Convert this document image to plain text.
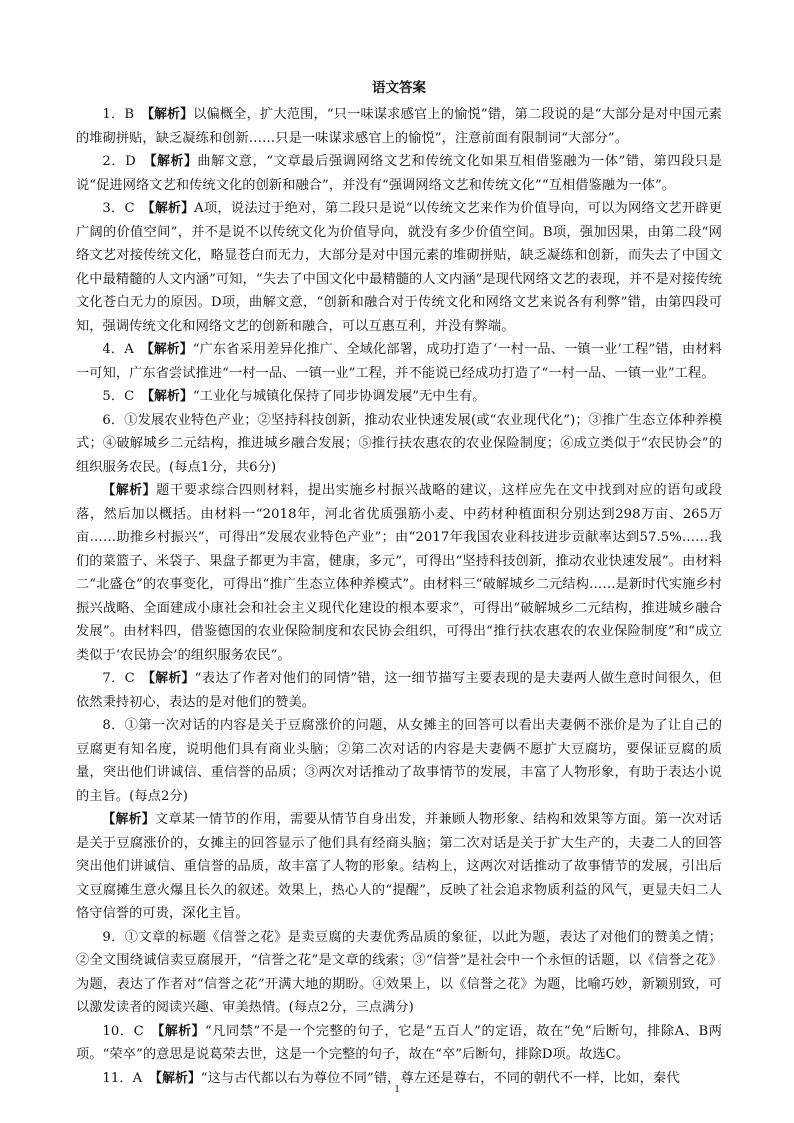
语文答案

1．B　【解析】以偏概全，扩大范围，“只一味谋求感官上的愉悦”错，第二段说的是“大部分是对中国元素的堆砌拼贴，缺乏凝练和创新……只是一味谋求感官上的愉悦”，注意前面有限制词“大部分”。

2．D　【解析】曲解文意，“文章最后强调网络文艺和传统文化如果互相借鉴融为一体”错，第四段只是说“促进网络文艺和传统文化的创新和融合”，并没有“强调网络文艺和传统文化”“互相借鉴融为一体”。

3．C　【解析】A项，说法过于绝对，第二段只是说“以传统文艺来作为价值导向，可以为网络文艺开辟更广阔的价值空间”，并不是说不以传统文化为价值导向，就没有多少价值空间。B项，强加因果，由第二段“网络文艺对接传统文化，略显苍白而无力，大部分是对中国元素的堆砌拼贴，缺乏凝练和创新，而失去了中国文化中最精髓的人文内涵”可知，“失去了中国文化中最精髓的人文内涵”是现代网络文艺的表现，并不是对接传统文化苍白无力的原因。D项，曲解文意，“创新和融合对于传统文化和网络文艺来说各有利弊”错，由第四段可知，强调传统文化和网络文艺的创新和融合，可以互惠互利，并没有弊端。

4．A　【解析】“广东省采用差异化推广、全域化部署，成功打造了‘一村一品、一镇一业’工程”错，由材料一可知，广东省尝试推进“一村一品、一镇一业”工程，并不能说已经成功打造了“一村一品、一镇一业”工程。

5．C　【解析】“工业化与城镇化保持了同步协调发展”无中生有。

6．①发展农业特色产业；②坚持科技创新，推动农业快速发展(或“农业现代化”)；③推广生态立体种养模式；④破解城乡二元结构，推进城乡融合发展；⑤推行扶农惠农的农业保险制度；⑥成立类似于“农民协会”的组织服务农民。(每点1分，共6分)

【解析】题干要求综合四则材料，提出实施乡村振兴战略的建议，这样应先在文中找到对应的语句或段落，然后加以概括。由材料一“2018年，河北省优质强筋小麦、中药材种植面积分别达到298万亩、265万亩……助推乡村振兴”，可得出“发展农业特色产业”；由“2017年我国农业科技进步贡献率达到57.5%……我们的菜篮子、米袋子、果盘子都更为丰富，健康，多元”，可得出“坚持科技创新，推动农业快速发展”。由材料二“北盛仓”的农事变化，可得出“推广生态立体种养模式”。由材料三“破解城乡二元结构……是新时代实施乡村振兴战略、全面建成小康社会和社会主义现代化建设的根本要求”，可得出“破解城乡二元结构，推进城乡融合发展”。由材料四，借鉴德国的农业保险制度和农民协会组织，可得出“推行扶农惠农的农业保险制度”和“成立类似于‘农民协会’的组织服务农民”。

7．C　【解析】“表达了作者对他们的同情”错，这一细节描写主要表现的是夫妻两人做生意时间很久，但依然秉持初心，表达的是对他们的赞美。

8．①第一次对话的内容是关于豆腐涨价的问题，从女摊主的回答可以看出夫妻俩不涨价是为了让自己的豆腐更有知名度，说明他们具有商业头脑；②第二次对话的内容是夫妻俩不愿扩大豆腐坊，要保证豆腐的质量，突出他们讲诚信、重信誉的品质；③两次对话推动了故事情节的发展，丰富了人物形象，有助于表达小说的主旨。(每点2分)

【解析】文章某一情节的作用，需要从情节自身出发，并兼顾人物形象、结构和效果等方面。第一次对话是关于豆腐涨价的，女摊主的回答显示了他们具有经商头脑；第二次对话是关于扩大生产的，夫妻二人的回答突出他们讲诚信、重信誉的品质，故丰富了人物的形象。结构上，这两次对话推动了故事情节的发展，引出后文豆腐摊生意火爆且长久的叙述。效果上，热心人的“提醒”，反映了社会追求物质利益的风气，更显夫妇二人恪守信誉的可贵，深化主旨。

9．①文章的标题《信誉之花》是卖豆腐的夫妻优秀品质的象征，以此为题，表达了对他们的赞美之情；②全文围绕诚信卖豆腐展开，“信誉之花”是文章的线索；③“信誉”是社会中一个永恒的话题，以《信誉之花》为题，表达了作者对“信誉之花”开满大地的期盼。④效果上，以《信誉之花》为题，比喻巧妙，新颖别致，可以激发读者的阅读兴趣、审美热情。(每点2分，三点满分)

10．C　【解析】“凡同禁”不是一个完整的句子，它是“五百人”的定语，故在“免”后断句，排除A、B两项。“荣卒”的意思是说葛荣去世，这是一个完整的句子，故在“卒”后断句，排除D项。故选C。

11．A　【解析】“这与古代都以右为尊位不同”错，尊左还是尊右，不同的朝代不一样，比如，秦代

1
